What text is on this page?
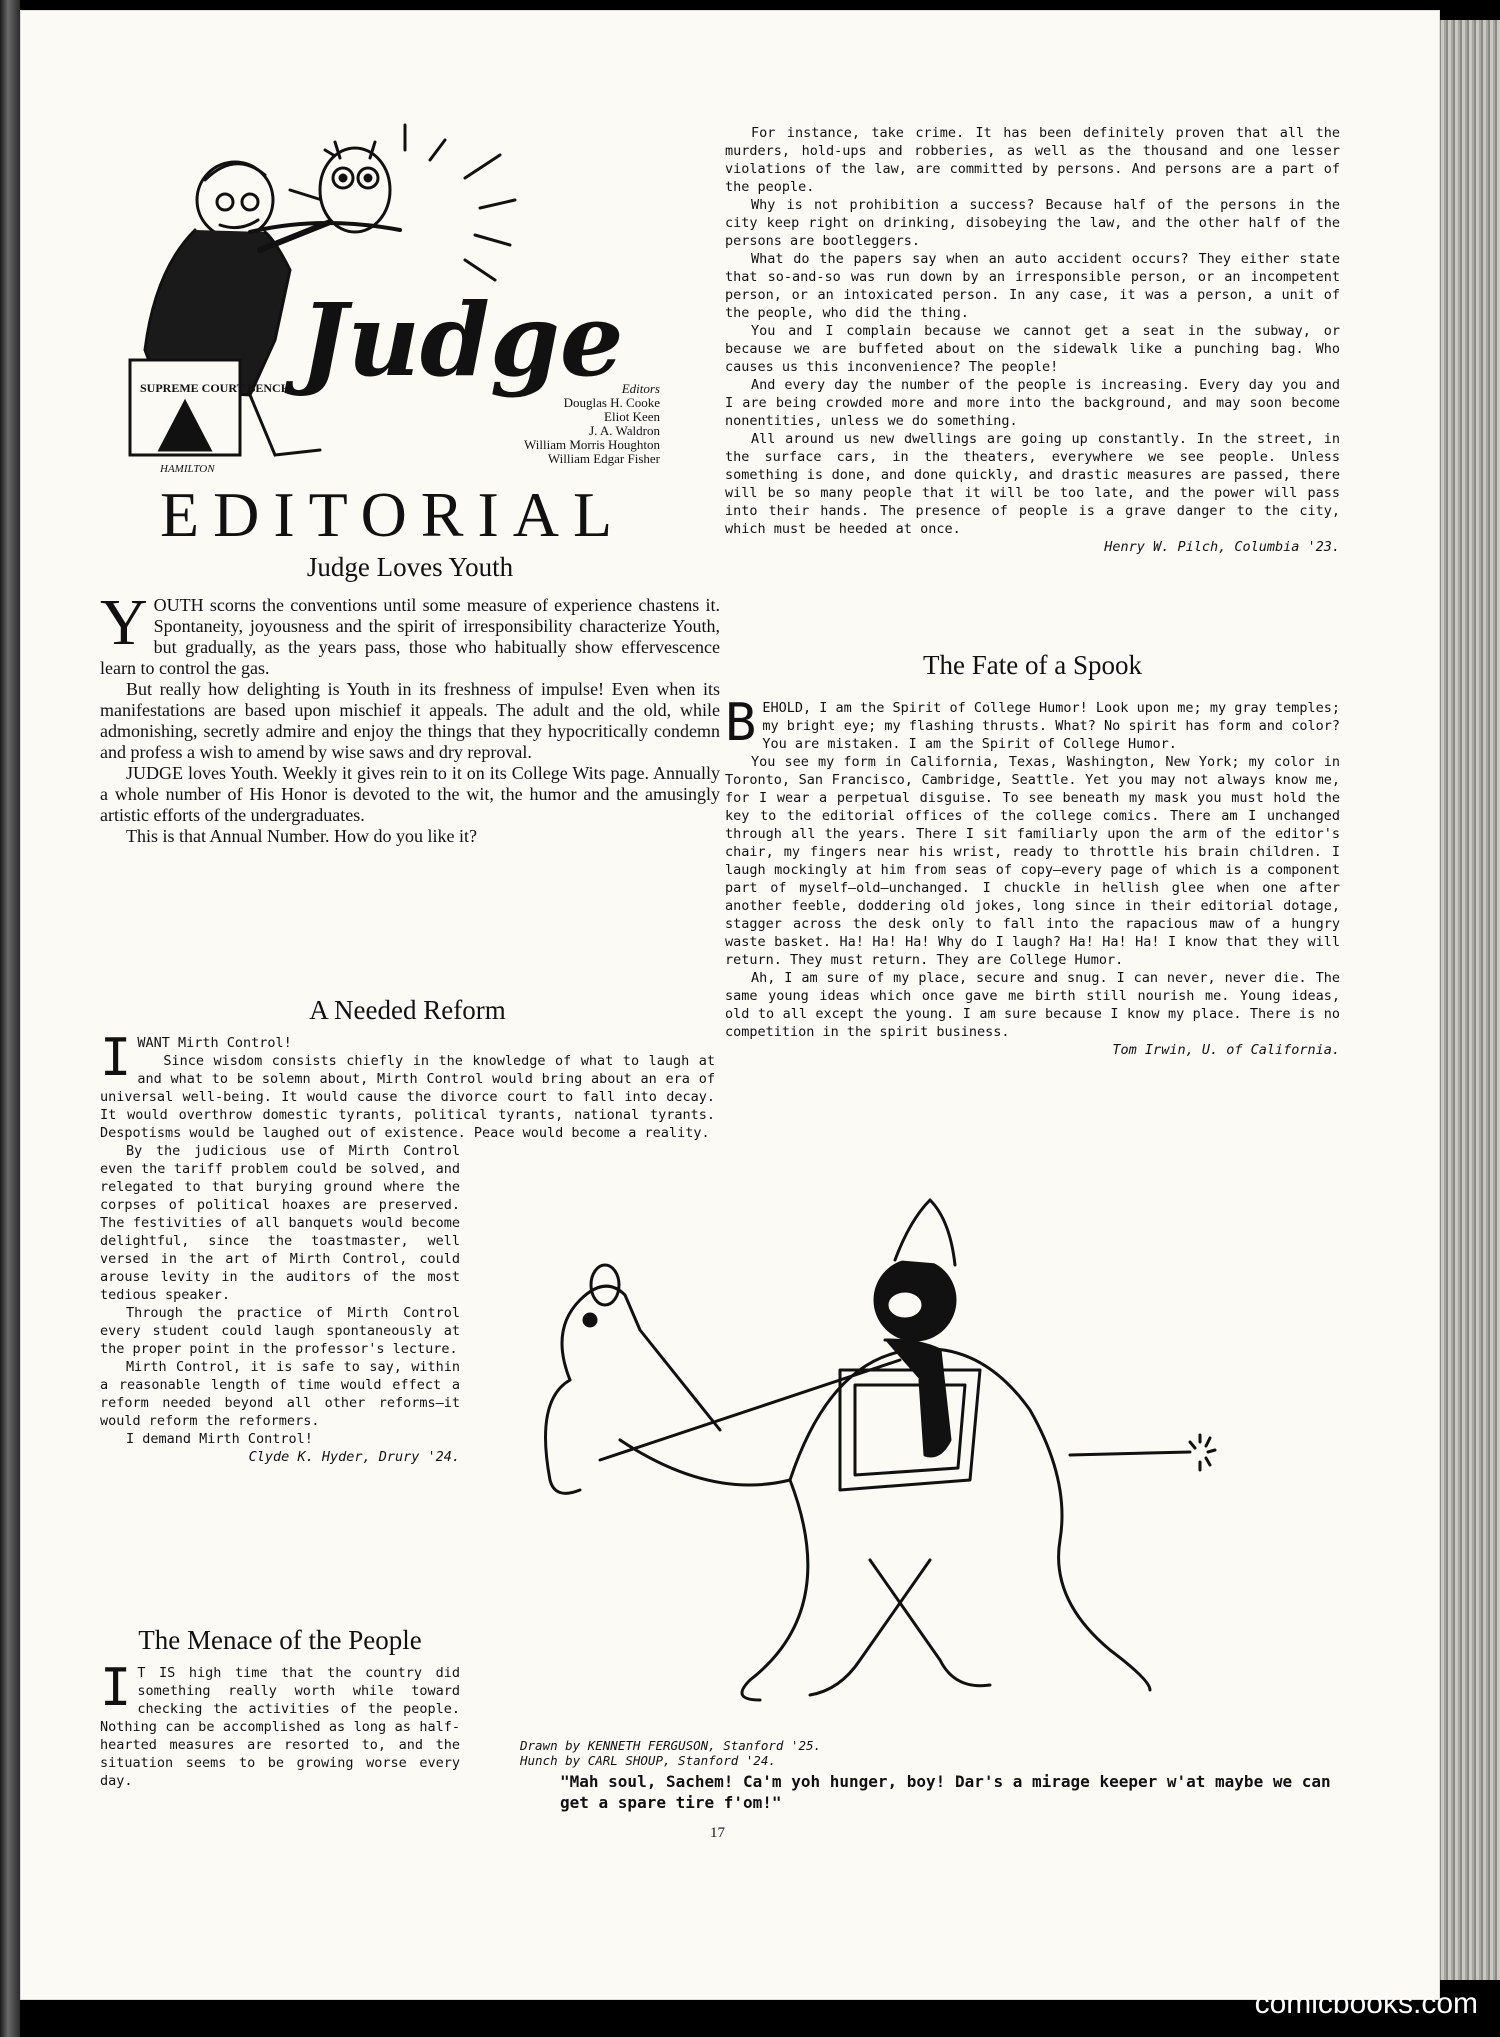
SUPREME COURT BENCH
HAMILTON
Judge
Editors
Douglas H. Cooke
Eliot Keen
J. A. Waldron
William Morris Houghton
William Edgar Fisher
EDITORIAL
Judge Loves Youth
Y OUTH scorns the conventions until some measure of experience chastens it. Spontaneity, joyousness and the spirit of irresponsibility characterize Youth, but gradually, as the years pass, those who habitually show effervescence learn to control the gas.

But really how delighting is Youth in its freshness of impulse! Even when its manifestations are based upon mischief it appeals. The adult and the old, while admonishing, secretly admire and enjoy the things that they hypocritically condemn and profess a wish to amend by wise saws and dry reproval.

JUDGE loves Youth. Weekly it gives rein to it on its College Wits page. Annually a whole number of His Honor is devoted to the wit, the humor and the amusingly artistic efforts of the undergraduates.

This is that Annual Number. How do you like it?

A Needed Reform
I WANT Mirth Control!

Since wisdom consists chiefly in the knowledge of what to laugh at and what to be solemn about, Mirth Control would bring about an era of universal well-being. It would cause the divorce court to fall into decay. It would overthrow domestic tyrants, political tyrants, national tyrants. Despotisms would be laughed out of existence. Peace would become a reality.

By the judicious use of Mirth Control even the tariff problem could be solved, and relegated to that burying ground where the corpses of political hoaxes are preserved. The festivities of all banquets would become delightful, since the toastmaster, well versed in the art of Mirth Control, could arouse levity in the auditors of the most tedious speaker.

Through the practice of Mirth Control every student could laugh spontaneously at the proper point in the professor's lecture.

Mirth Control, it is safe to say, within a reasonable length of time would effect a reform needed beyond all other reforms—it would reform the reformers.

I demand Mirth Control!

Clyde K. Hyder, Drury '24.

The Menace of the People
I T IS high time that the country did something really worth while toward checking the activities of the people. Nothing can be accomplished as long as half-hearted measures are resorted to, and the situation seems to be growing worse every day.

For instance, take crime. It has been definitely proven that all the murders, hold-ups and robberies, as well as the thousand and one lesser violations of the law, are committed by persons. And persons are a part of the people.

Why is not prohibition a success? Because half of the persons in the city keep right on drinking, disobeying the law, and the other half of the persons are bootleggers.

What do the papers say when an auto accident occurs? They either state that so-and-so was run down by an irresponsible person, or an incompetent person, or an intoxicated person. In any case, it was a person, a unit of the people, who did the thing.

You and I complain because we cannot get a seat in the subway, or because we are buffeted about on the sidewalk like a punching bag. Who causes us this inconvenience? The people!

And every day the number of the people is increasing. Every day you and I are being crowded more and more into the background, and may soon become nonentities, unless we do something.

All around us new dwellings are going up constantly. In the street, in the surface cars, in the theaters, everywhere we see people. Unless something is done, and done quickly, and drastic measures are passed, there will be so many people that it will be too late, and the power will pass into their hands. The presence of people is a grave danger to the city, which must be heeded at once.

Henry W. Pilch, Columbia '23.

The Fate of a Spook
B EHOLD, I am the Spirit of College Humor! Look upon me; my gray temples; my bright eye; my flashing thrusts. What? No spirit has form and color? You are mistaken. I am the Spirit of College Humor.

You see my form in California, Texas, Washington, New York; my color in Toronto, San Francisco, Cambridge, Seattle. Yet you may not always know me, for I wear a perpetual disguise. To see beneath my mask you must hold the key to the editorial offices of the college comics. There am I unchanged through all the years. There I sit familiarly upon the arm of the editor's chair, my fingers near his wrist, ready to throttle his brain children. I laugh mockingly at him from seas of copy—every page of which is a component part of myself—old—unchanged. I chuckle in hellish glee when one after another feeble, doddering old jokes, long since in their editorial dotage, stagger across the desk only to fall into the rapacious maw of a hungry waste basket. Ha! Ha! Ha! Why do I laugh? Ha! Ha! Ha! I know that they will return. They must return. They are College Humor.

Ah, I am sure of my place, secure and snug. I can never, never die. The same young ideas which once gave me birth still nourish me. Young ideas, old to all except the young. I am sure because I know my place. There is no competition in the spirit business.

Tom Irwin, U. of California.

Drawn by KENNETH FERGUSON, Stanford '25.
Hunch by CARL SHOUP, Stanford '24.
"Mah soul, Sachem! Ca'm yoh hunger, boy! Dar's a mirage keeper w'at maybe we can get a spare tire f'om!"
17
comicbooks.com
